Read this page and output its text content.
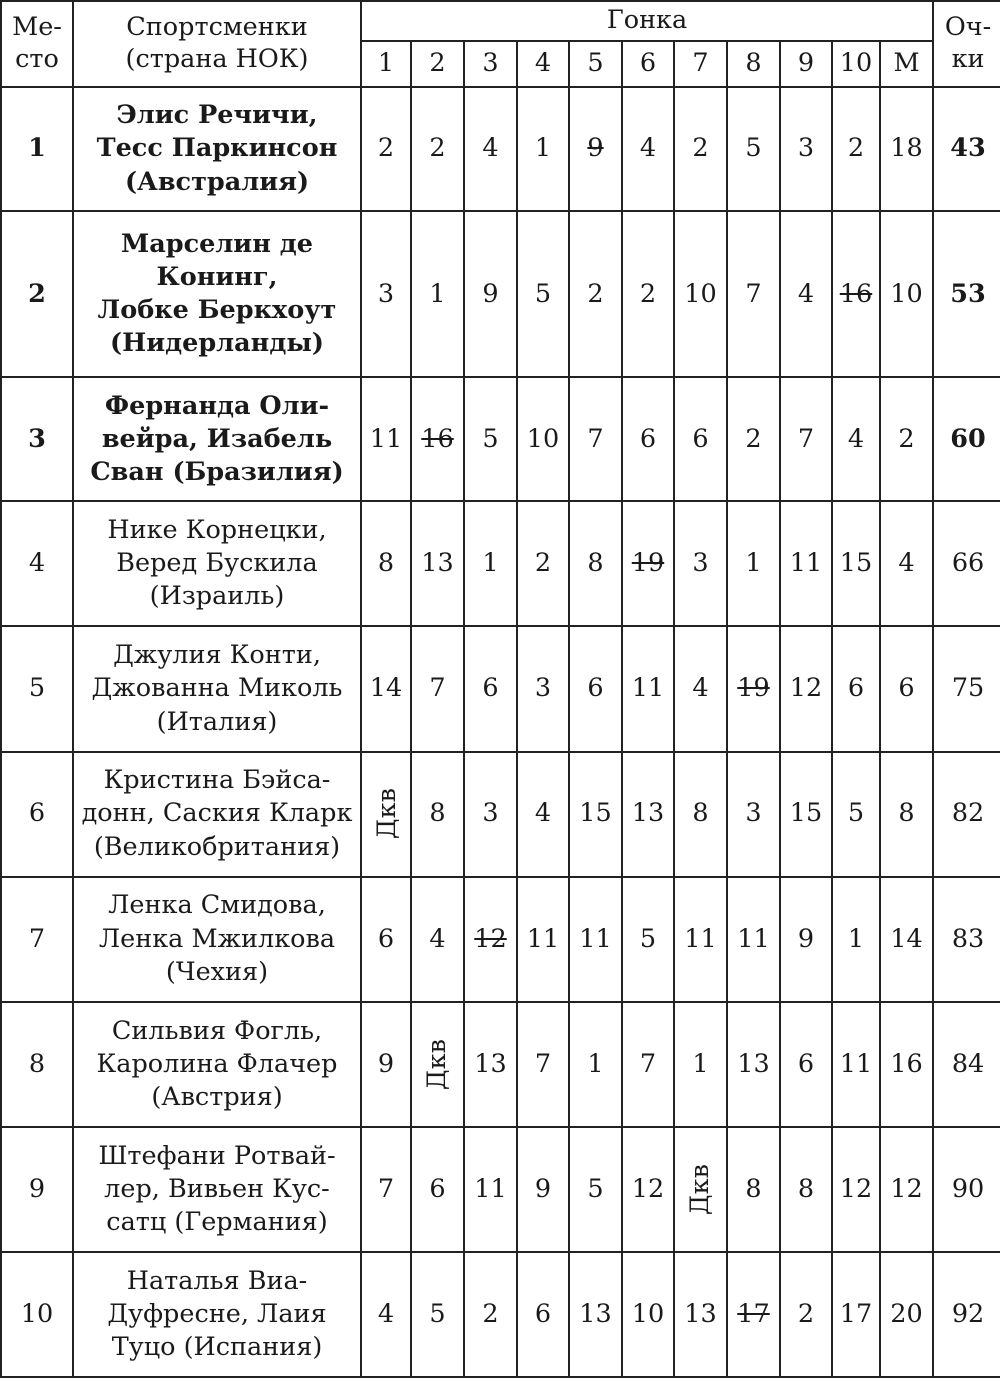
Ме-
сто	Спортсменки
(страна НОК)	Гонка											Оч-
ки
		1	2	3	4	5	6	7	8	9	10	М	
1	Элис Речичи,
Тесс Паркинсон
(Австралия)	2	2	4	1	9	4	2	5	3	2	18	43
2	Марселин де
Конинг,
Лобке Беркхоут
(Нидерланды)	3	1	9	5	2	2	10	7	4	16	10	53
3	Фернанда Оли-
вейра, Изабель
Сван (Бразилия)	11	16	5	10	7	6	6	2	7	4	2	60
4	Нике Корнецки,
Веред Бускила
(Израиль)	8	13	1	2	8	19	3	1	11	15	4	66
5	Джулия Конти,
Джованна Миколь
(Италия)	14	7	6	3	6	11	4	19	12	6	6	75
6	Кристина Бэйса-
донн, Саския Кларк
(Великобритания)	Дкв	8	3	4	15	13	8	3	15	5	8	82
7	Ленка Смидова,
Ленка Мжилкова
(Чехия)	6	4	12	11	11	5	11	11	9	1	14	83
8	Сильвия Фогль,
Каролина Флачер
(Австрия)	9	Дкв	13	7	1	7	1	13	6	11	16	84
9	Штефани Ротвай-
лер, Вивьен Кус-
сатц (Германия)	7	6	11	9	5	12	Дкв	8	8	12	12	90
10	Наталья Виа-
Дуфресне, Лаия
Туцо (Испания)	4	5	2	6	13	10	13	17	2	17	20	92
